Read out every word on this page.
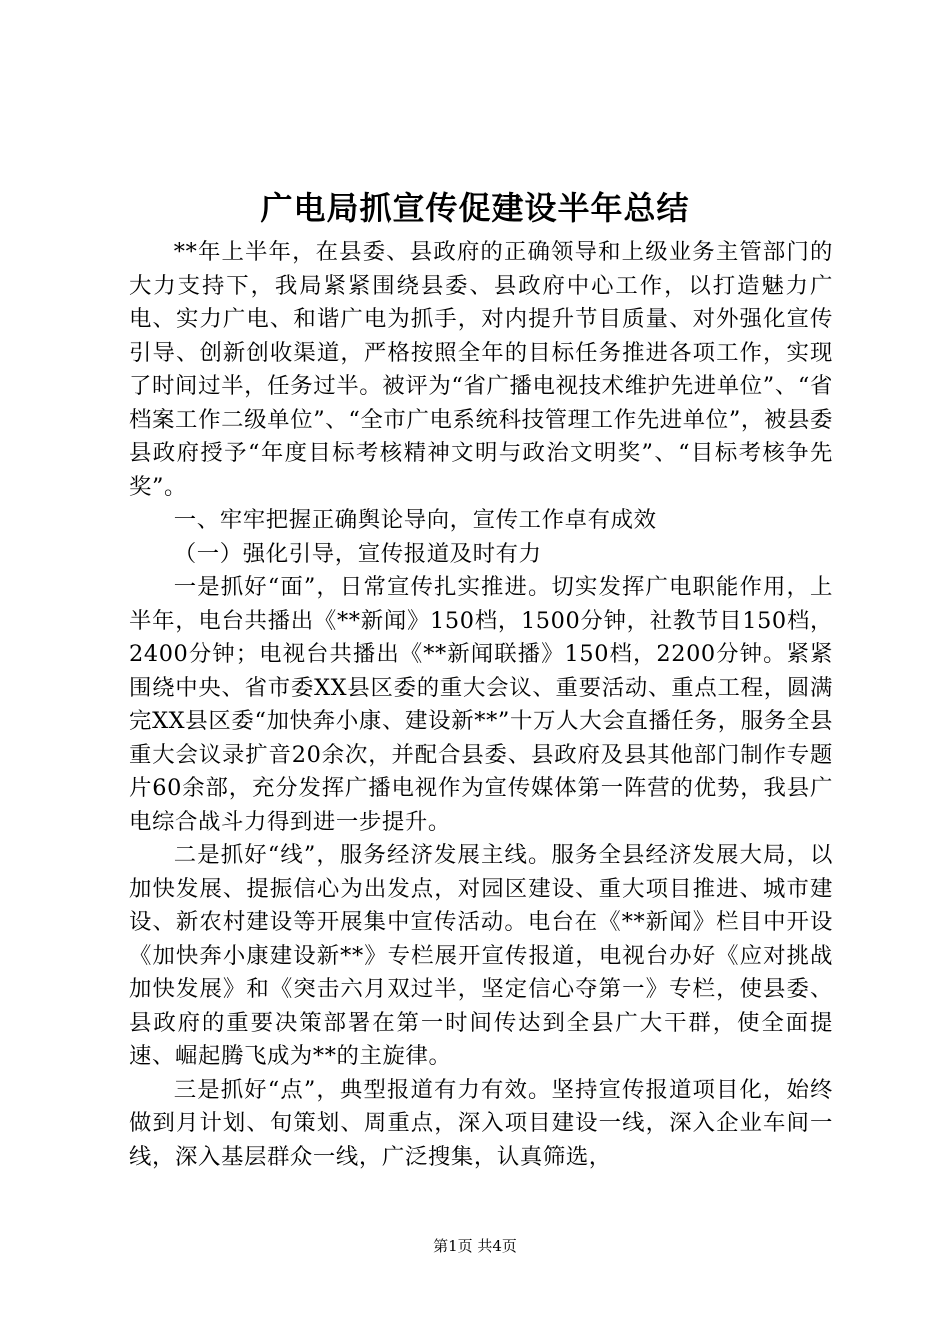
广电局抓宣传促建设半年总结

**年上半年，在县委、县政府的正确领导和上级业务主管部门的大力支持下，我局紧紧围绕县委、县政府中心工作，以打造魅力广电、实力广电、和谐广电为抓手，对内提升节目质量、对外强化宣传引导、创新创收渠道，严格按照全年的目标任务推进各项工作，实现了时间过半，任务过半。被评为“省广播电视技术维护先进单位”、“省档案工作二级单位”、“全市广电系统科技管理工作先进单位”，被县委县政府授予“年度目标考核精神文明与政治文明奖”、“目标考核争先奖”。

一、牢牢把握正确舆论导向，宣传工作卓有成效

（一）强化引导，宣传报道及时有力

一是抓好“面”，日常宣传扎实推进。切实发挥广电职能作用，上半年，电台共播出《**新闻》150档，1500分钟，社教节目150档，2400分钟；电视台共播出《**新闻联播》150档，2200分钟。紧紧围绕中央、省市委XX县区委的重大会议、重要活动、重点工程，圆满完XX县区委“加快奔小康、建设新**”十万人大会直播任务，服务全县重大会议录扩音20余次，并配合县委、县政府及县其他部门制作专题片60余部，充分发挥广播电视作为宣传媒体第一阵营的优势，我县广电综合战斗力得到进一步提升。

二是抓好“线”，服务经济发展主线。服务全县经济发展大局，以加快发展、提振信心为出发点，对园区建设、重大项目推进、城市建设、新农村建设等开展集中宣传活动。电台在《**新闻》栏目中开设《加快奔小康建设新**》专栏展开宣传报道，电视台办好《应对挑战加快发展》和《突击六月双过半，坚定信心夺第一》专栏，使县委、县政府的重要决策部署在第一时间传达到全县广大干群，使全面提速、崛起腾飞成为**的主旋律。

三是抓好“点”，典型报道有力有效。坚持宣传报道项目化，始终做到月计划、旬策划、周重点，深入项目建设一线，深入企业车间一线，深入基层群众一线，广泛搜集，认真筛选，

第1页 共4页
